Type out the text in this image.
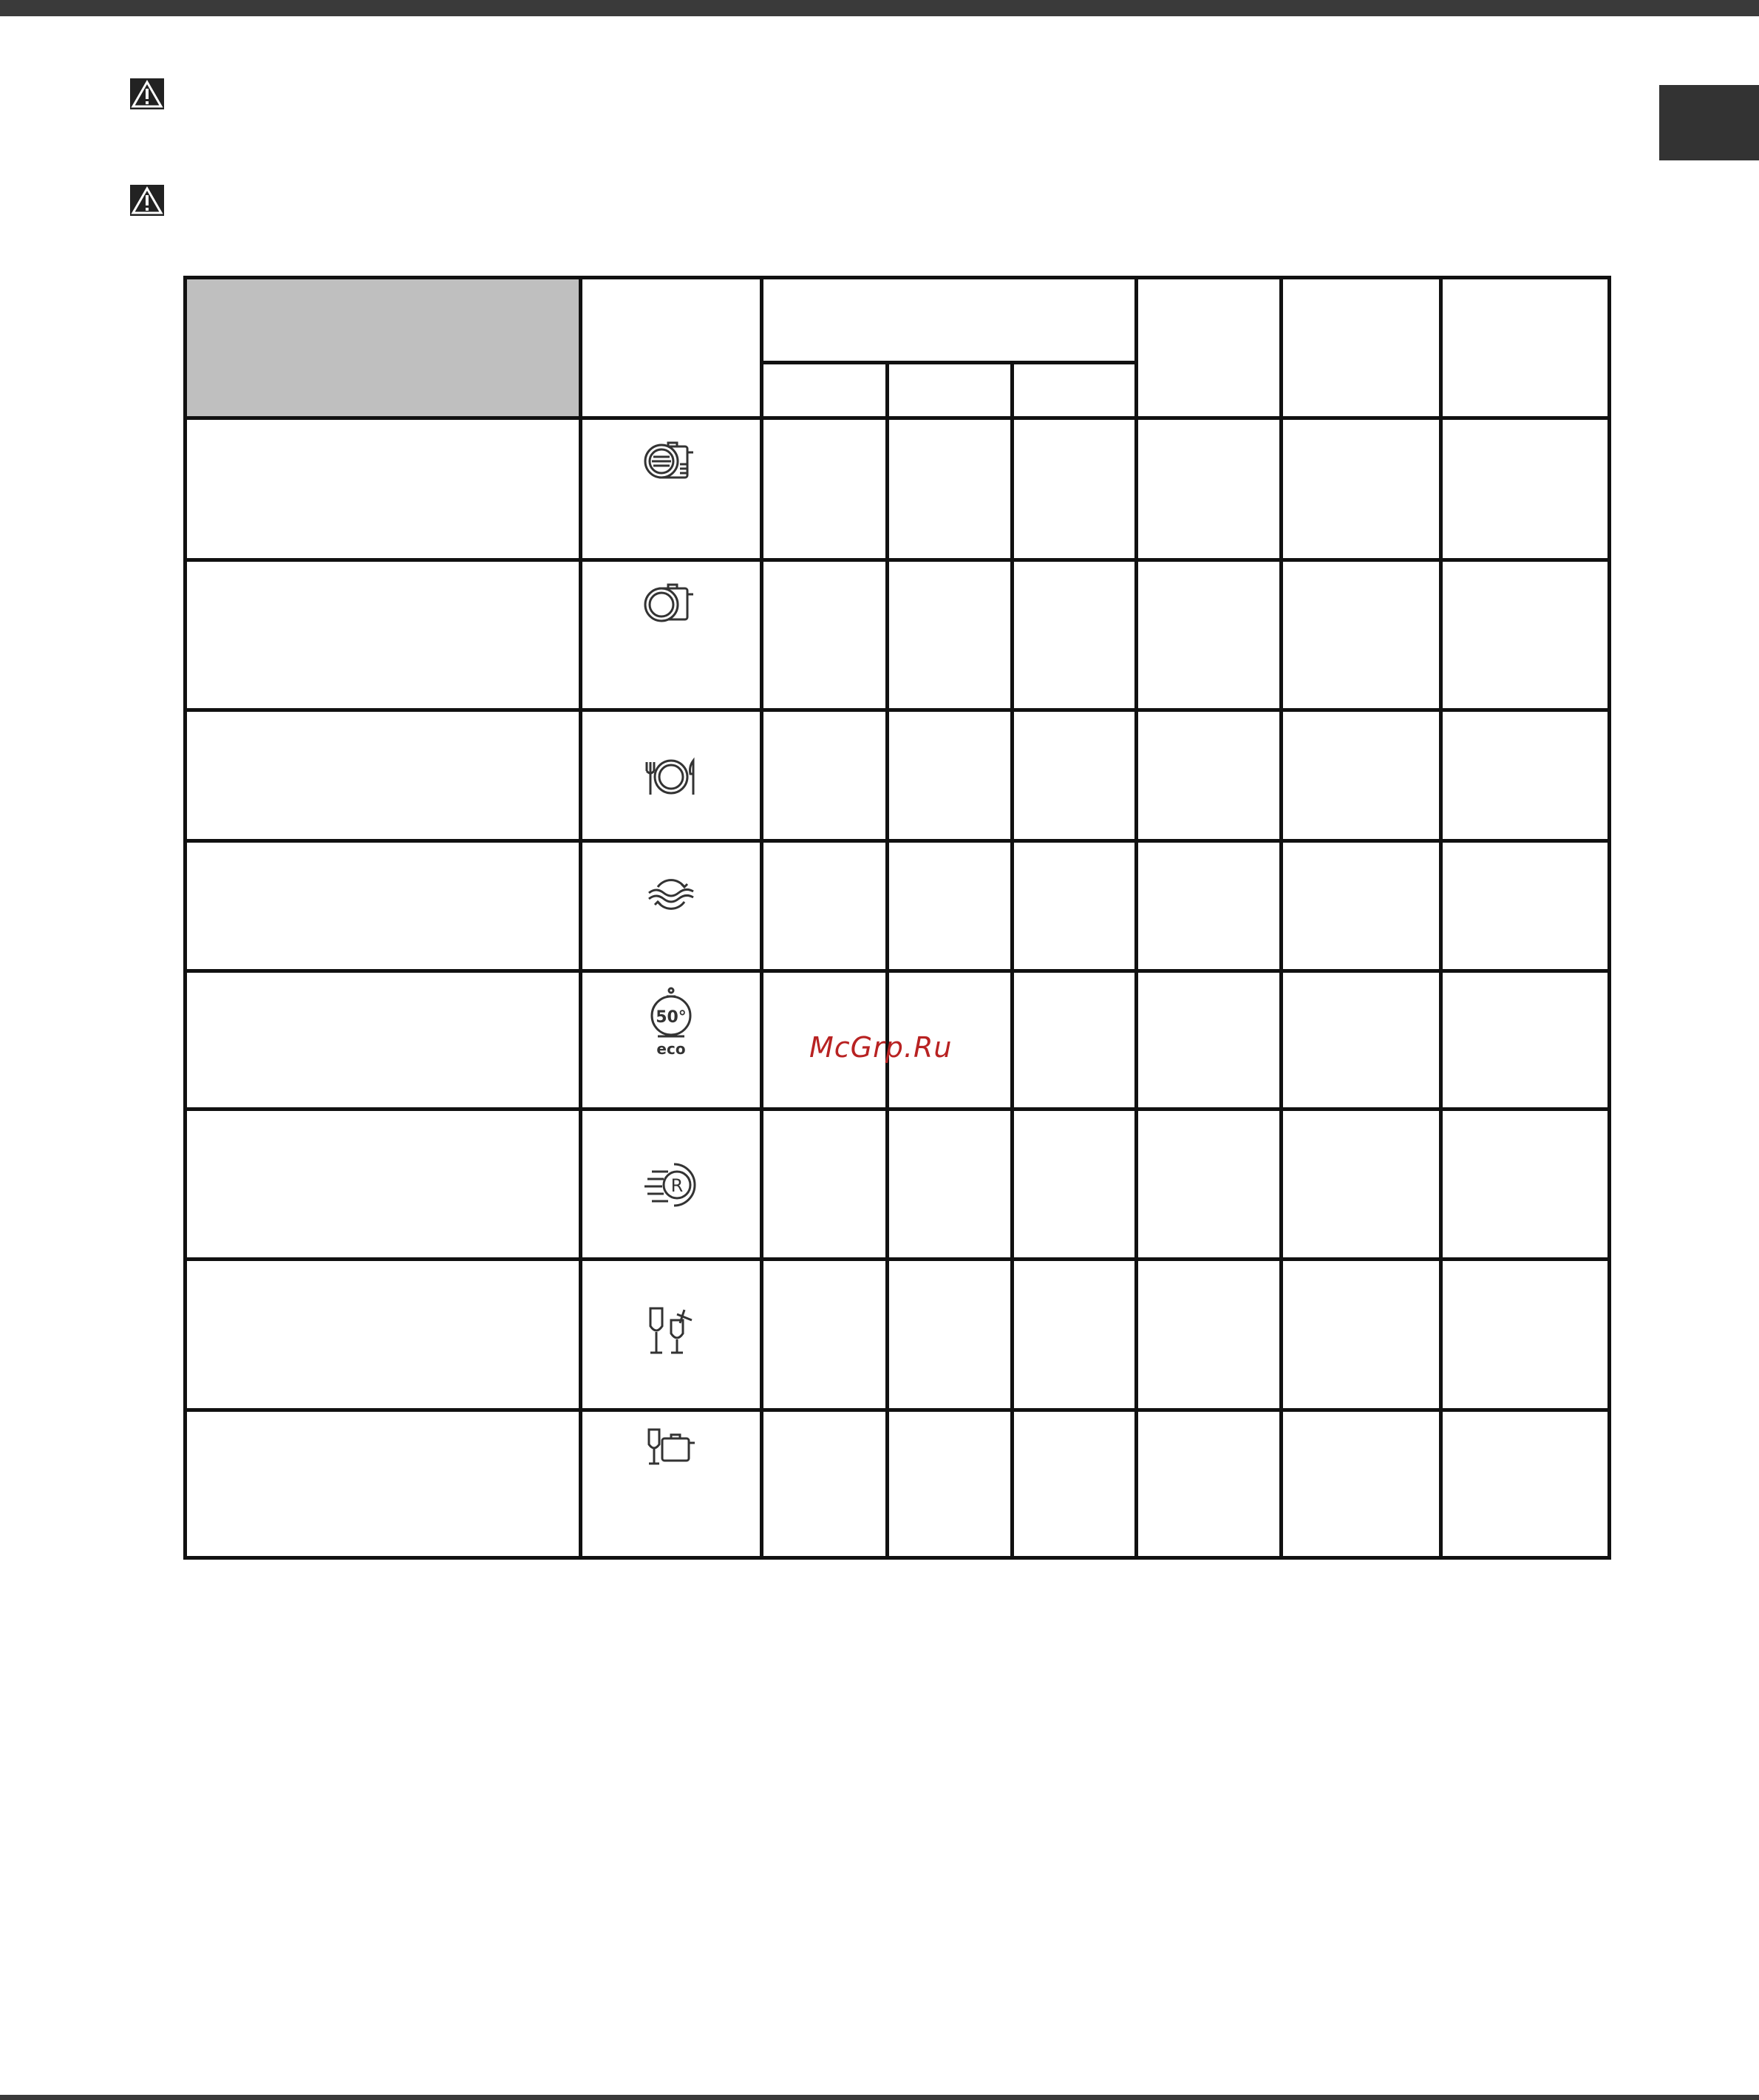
50°
eco						

R						

McGrp.Ru
